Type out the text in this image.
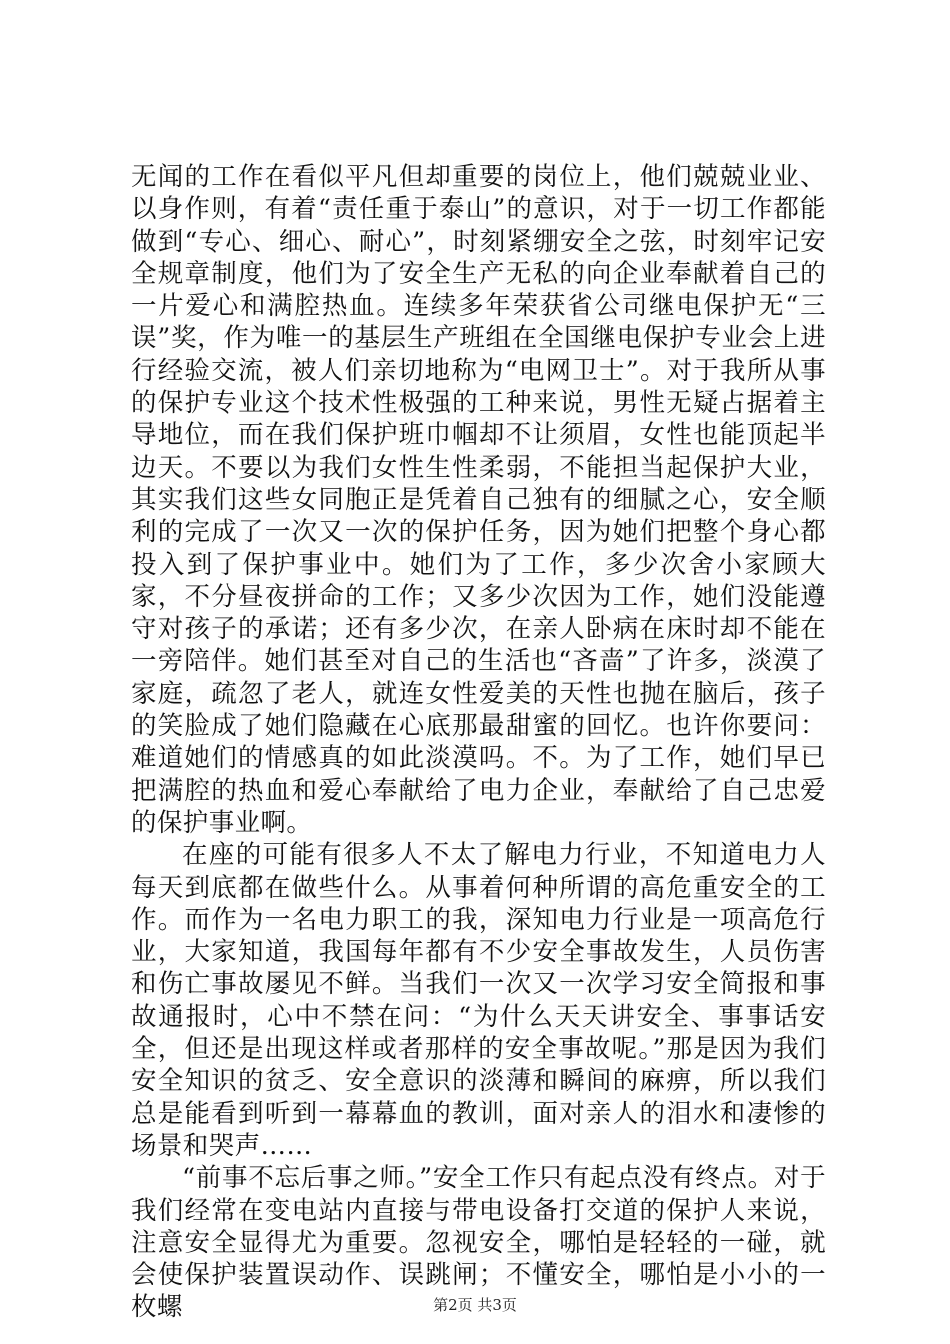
无闻的工作在看似平凡但却重要的岗位上，他们兢兢业业、以身作则，有着“责任重于泰山”的意识，对于一切工作都能做到“专心、细心、耐心”，时刻紧绷安全之弦，时刻牢记安全规章制度，他们为了安全生产无私的向企业奉献着自己的一片爱心和满腔热血。连续多年荣获省公司继电保护无“三误”奖，作为唯一的基层生产班组在全国继电保护专业会上进行经验交流，被人们亲切地称为“电网卫士”。对于我所从事的保护专业这个技术性极强的工种来说，男性无疑占据着主导地位，而在我们保护班巾帼却不让须眉，女性也能顶起半边天。不要以为我们女性生性柔弱，不能担当起保护大业，其实我们这些女同胞正是凭着自己独有的细腻之心，安全顺利的完成了一次又一次的保护任务，因为她们把整个身心都投入到了保护事业中。她们为了工作，多少次舍小家顾大家，不分昼夜拼命的工作；又多少次因为工作，她们没能遵守对孩子的承诺；还有多少次，在亲人卧病在床时却不能在一旁陪伴。她们甚至对自己的生活也“吝啬”了许多，淡漠了家庭，疏忽了老人，就连女性爱美的天性也抛在脑后，孩子的笑脸成了她们隐藏在心底那最甜蜜的回忆。也许你要问：难道她们的情感真的如此淡漠吗。不。为了工作，她们早已把满腔的热血和爱心奉献给了电力企业，奉献给了自己忠爱的保护事业啊。

在座的可能有很多人不太了解电力行业，不知道电力人每天到底都在做些什么。从事着何种所谓的高危重安全的工作。而作为一名电力职工的我，深知电力行业是一项高危行业，大家知道，我国每年都有不少安全事故发生，人员伤害和伤亡事故屡见不鲜。当我们一次又一次学习安全简报和事故通报时，心中不禁在问：“为什么天天讲安全、事事话安全，但还是出现这样或者那样的安全事故呢。”那是因为我们安全知识的贫乏、安全意识的淡薄和瞬间的麻痹，所以我们总是能看到听到一幕幕血的教训，面对亲人的泪水和凄惨的场景和哭声……

“前事不忘后事之师。”安全工作只有起点没有终点。对于我们经常在变电站内直接与带电设备打交道的保护人来说，注意安全显得尤为重要。忽视安全，哪怕是轻轻的一碰，就会使保护装置误动作、误跳闸；不懂安全，哪怕是小小的一枚螺	第2页 共3页
